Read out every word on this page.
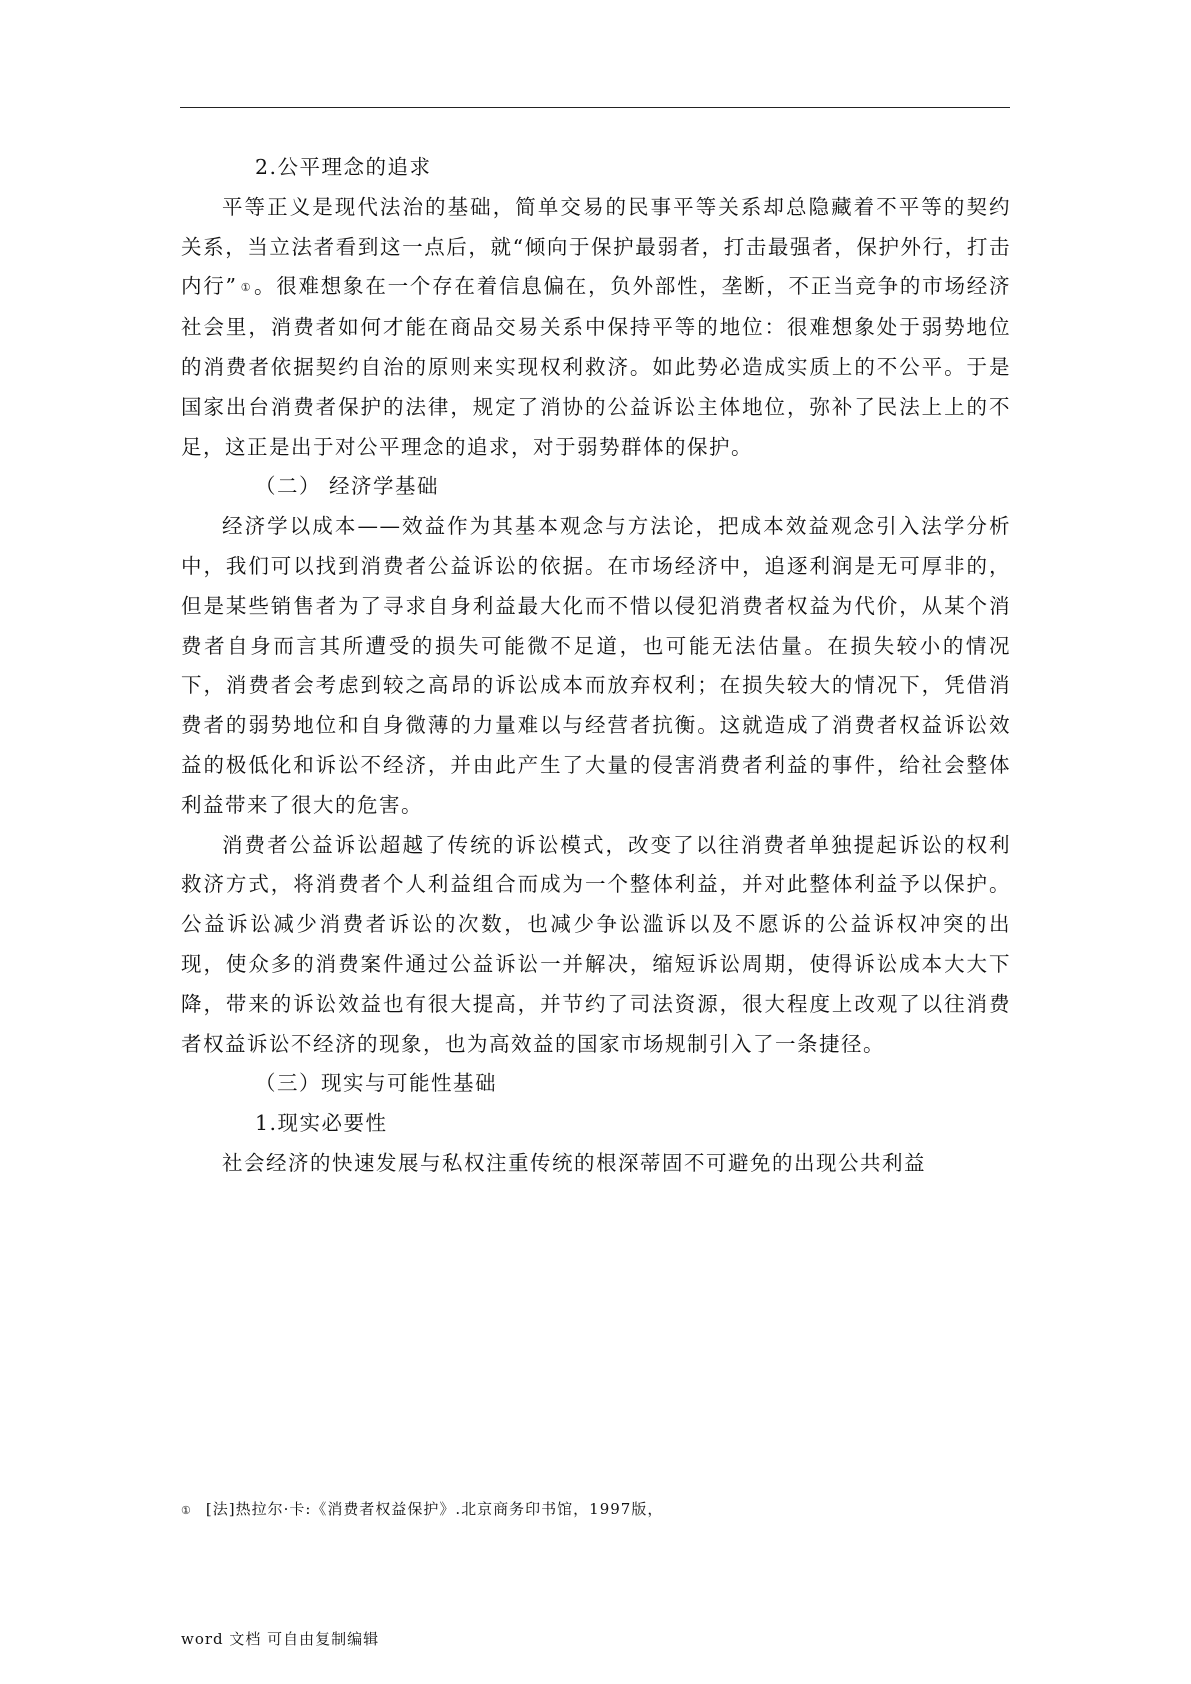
2.公平理念的追求

平等正义是现代法治的基础，简单交易的民事平等关系却总隐藏着不平等的契约关系，当立法者看到这一点后，就“倾向于保护最弱者，打击最强者，保护外行，打击内行” ① 。很难想象在一个存在着信息偏在，负外部性，垄断，不正当竞争的市场经济社会里，消费者如何才能在商品交易关系中保持平等的地位：很难想象处于弱势地位的消费者依据契约自治的原则来实现权利救济。如此势必造成实质上的不公平。于是国家出台消费者保护的法律，规定了消协的公益诉讼主体地位，弥补了民法上上的不足，这正是出于对公平理念的追求，对于弱势群体的保护。

（二） 经济学基础

经济学以成本——效益作为其基本观念与方法论，把成本效益观念引入法学分析中，我们可以找到消费者公益诉讼的依据。在市场经济中，追逐利润是无可厚非的，但是某些销售者为了寻求自身利益最大化而不惜以侵犯消费者权益为代价，从某个消费者自身而言其所遭受的损失可能微不足道，也可能无法估量。在损失较小的情况下，消费者会考虑到较之高昂的诉讼成本而放弃权利；在损失较大的情况下，凭借消费者的弱势地位和自身微薄的力量难以与经营者抗衡。这就造成了消费者权益诉讼效益的极低化和诉讼不经济，并由此产生了大量的侵害消费者利益的事件，给社会整体利益带来了很大的危害。

消费者公益诉讼超越了传统的诉讼模式，改变了以往消费者单独提起诉讼的权利救济方式，将消费者个人利益组合而成为一个整体利益，并对此整体利益予以保护。公益诉讼减少消费者诉讼的次数，也减少争讼滥诉以及不愿诉的公益诉权冲突的出现，使众多的消费案件通过公益诉讼一并解决，缩短诉讼周期，使得诉讼成本大大下降，带来的诉讼效益也有很大提高，并节约了司法资源，很大程度上改观了以往消费者权益诉讼不经济的现象，也为高效益的国家市场规制引入了一条捷径。

（三）现实与可能性基础

1.现实必要性

社会经济的快速发展与私权注重传统的根深蒂固不可避免的出现公共利益

① [法]热拉尔·卡:《消费者权益保护》.北京商务印书馆，1997版，
word 文档 可自由复制编辑
